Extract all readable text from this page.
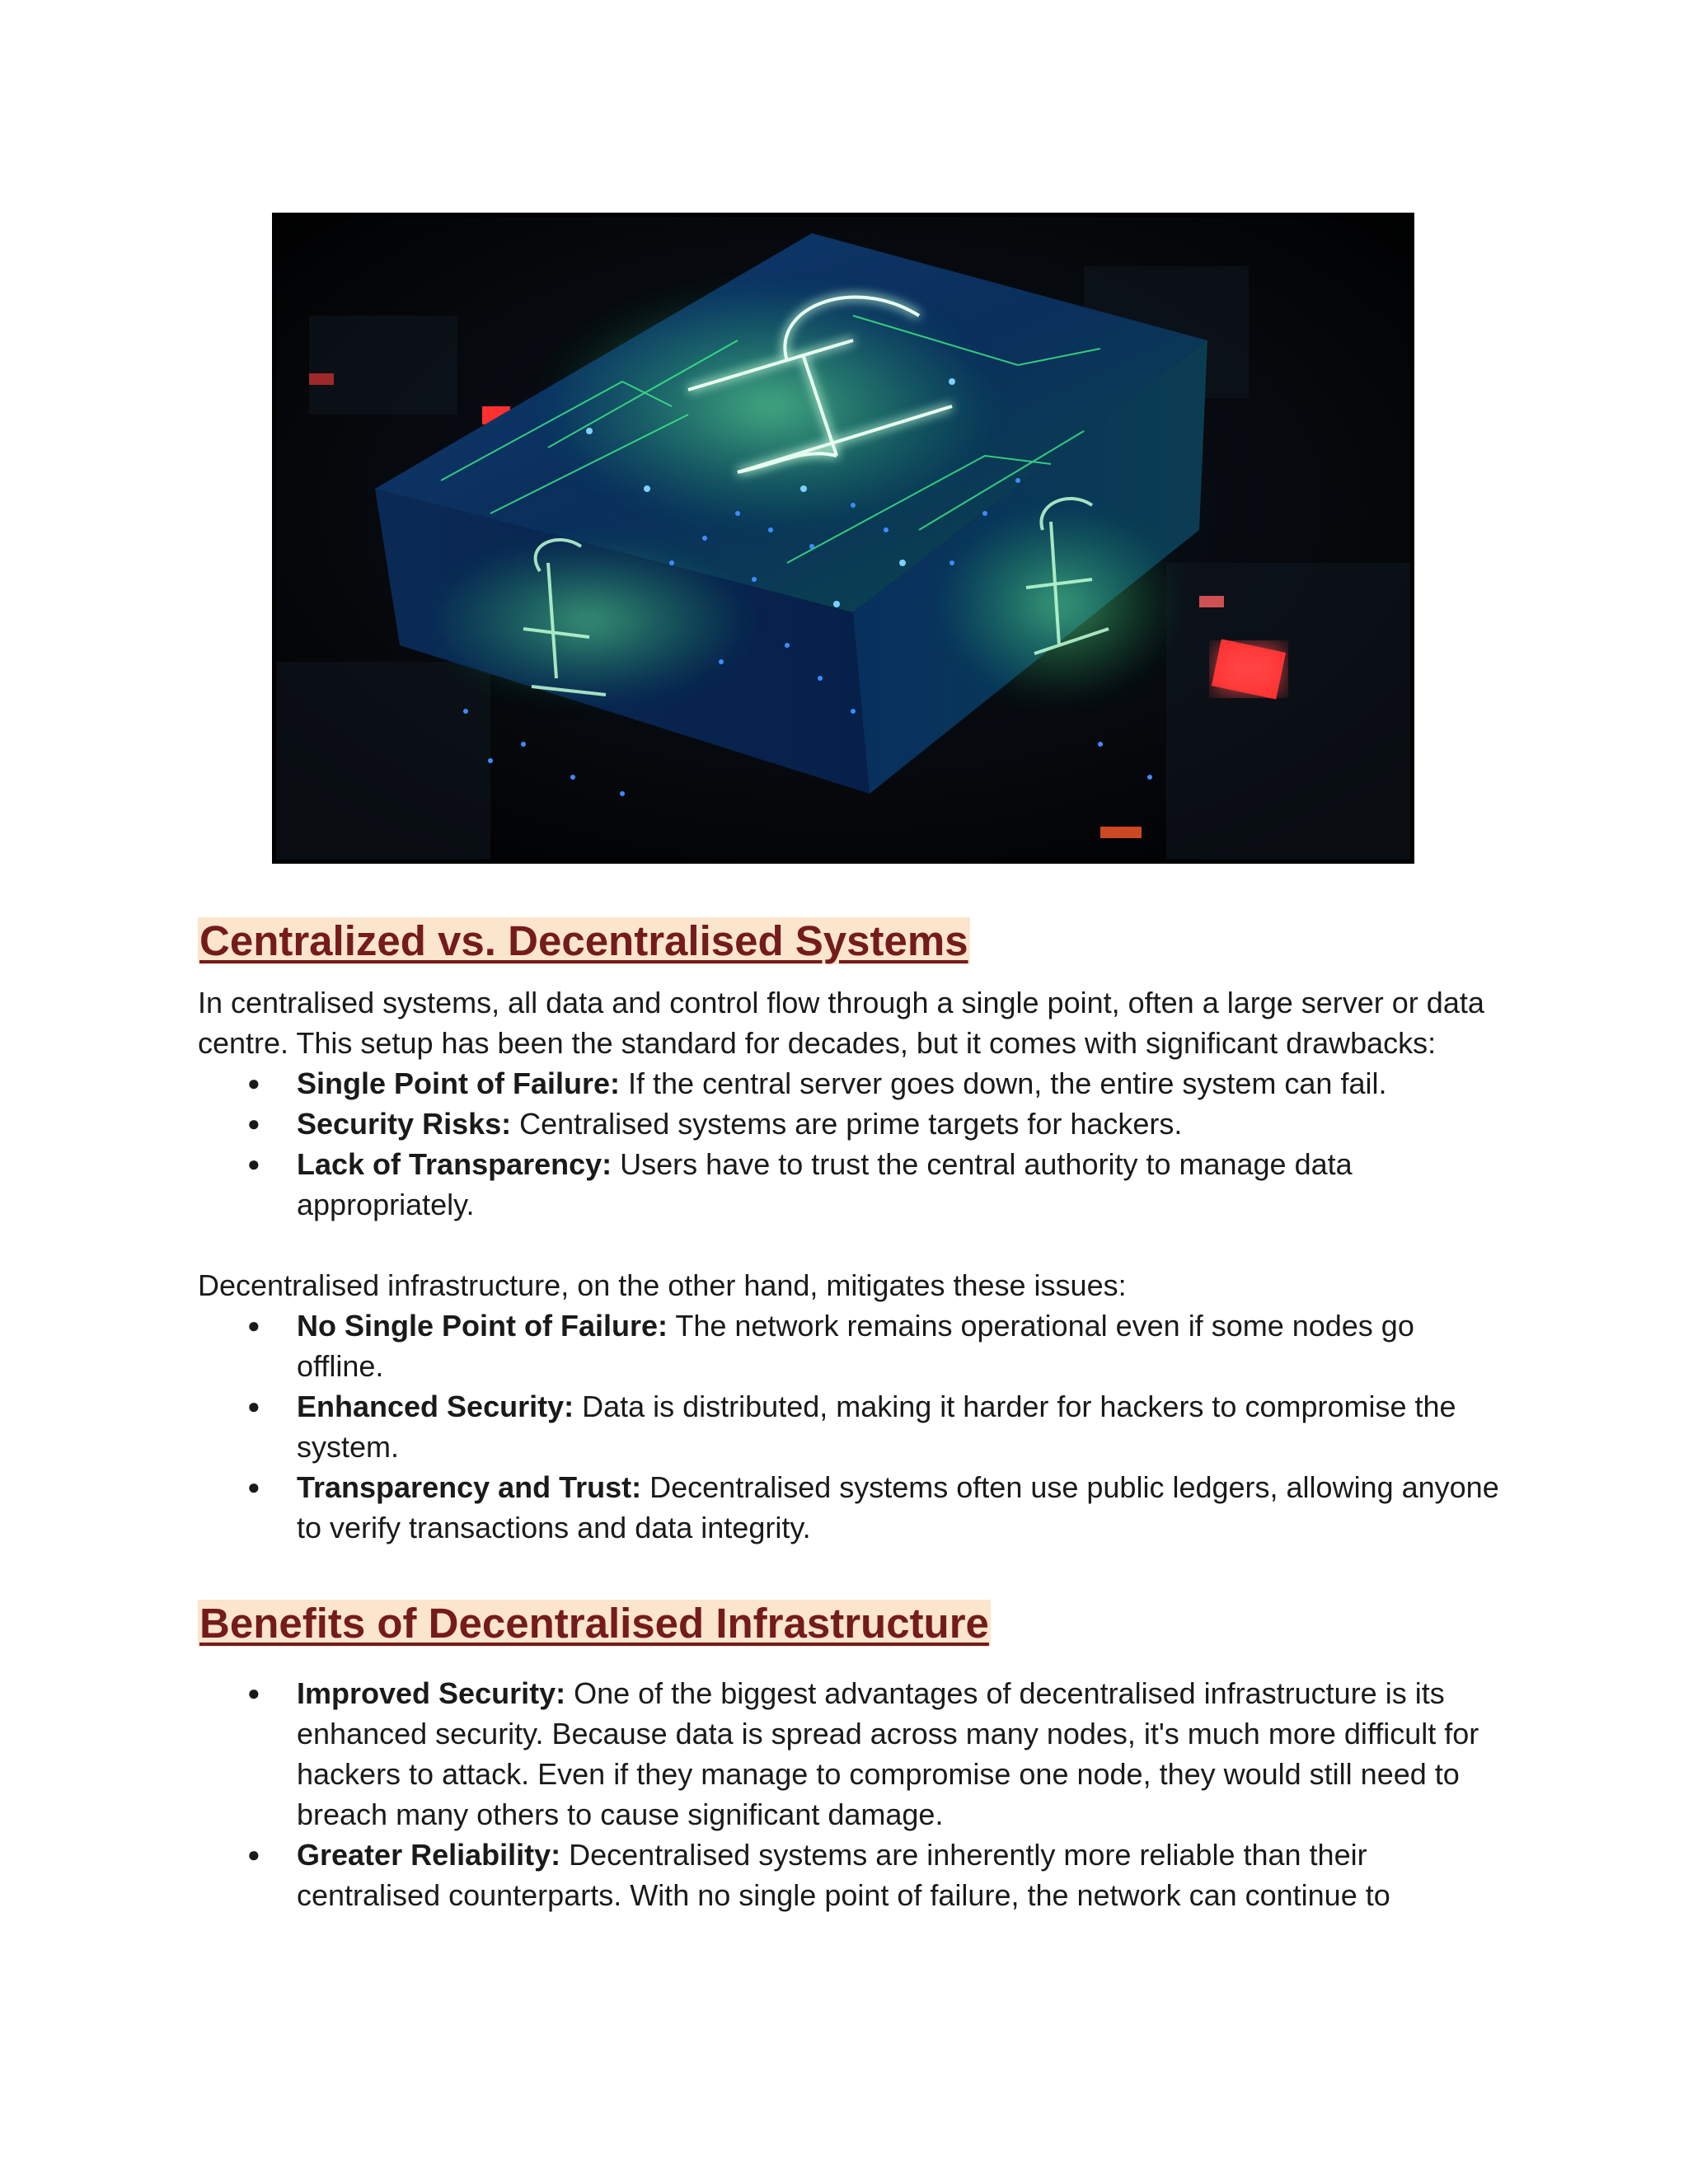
Centralized vs. Decentralised Systems

In centralised systems, all data and control flow through a single point, often a large server or data centre. This setup has been the standard for decades, but it comes with significant drawbacks:

● Single Point of Failure: If the central server goes down, the entire system can fail.
● Security Risks: Centralised systems are prime targets for hackers.
● Lack of Transparency: Users have to trust the central authority to manage data appropriately.

Decentralised infrastructure, on the other hand, mitigates these issues:

● No Single Point of Failure: The network remains operational even if some nodes go offline.
● Enhanced Security: Data is distributed, making it harder for hackers to compromise the system.
● Transparency and Trust: Decentralised systems often use public ledgers, allowing anyone to verify transactions and data integrity.
Benefits of Decentralised Infrastructure
● Improved Security: One of the biggest advantages of decentralised infrastructure is its enhanced security. Because data is spread across many nodes, it's much more difficult for hackers to attack. Even if they manage to compromise one node, they would still need to breach many others to cause significant damage.
● Greater Reliability: Decentralised systems are inherently more reliable than their centralised counterparts. With no single point of failure, the network can continue to
